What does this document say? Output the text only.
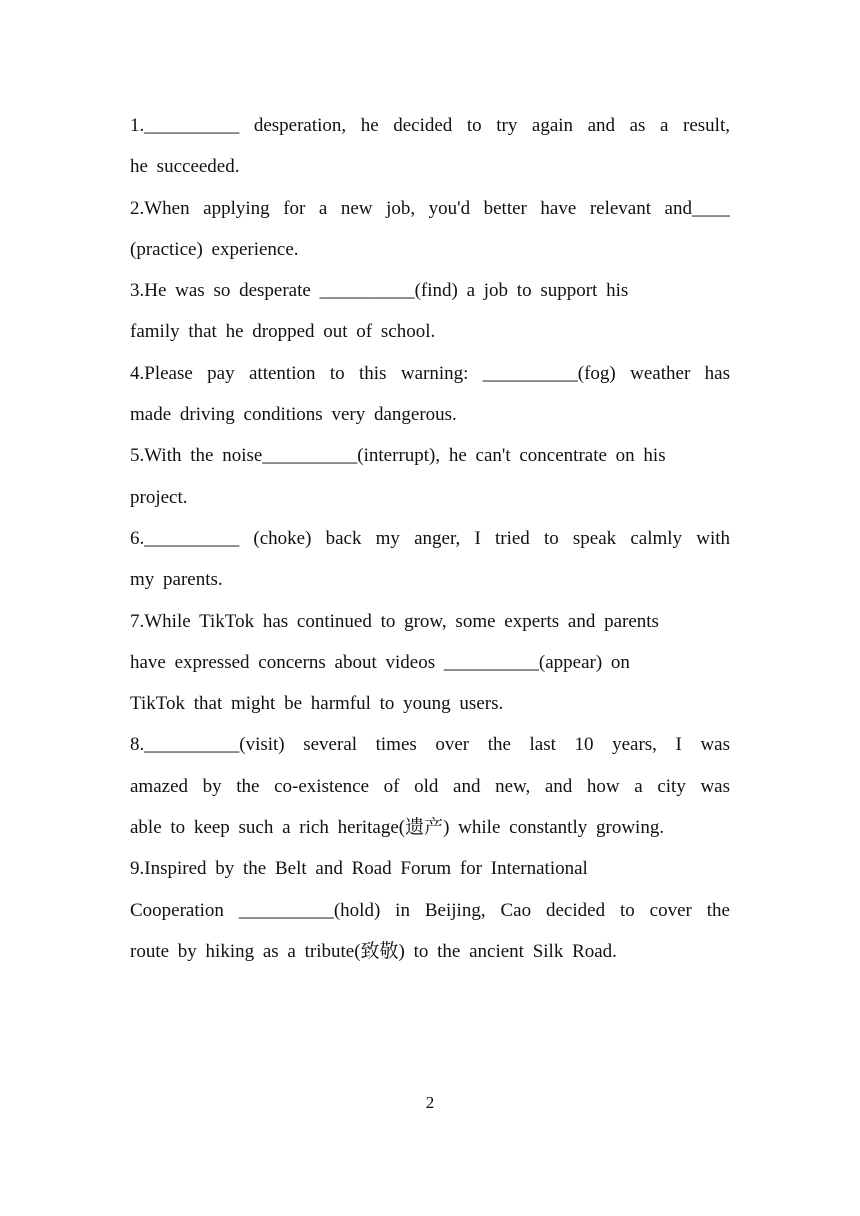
1.__________ desperation, he decided to try again and as a result,
he succeeded.
2.When applying for a new job, you'd better have relevant and____
(practice) experience.
3.He was so desperate __________(find) a job to support his
family that he dropped out of school.
4.Please pay attention to this warning: __________(fog) weather has
made driving conditions very dangerous.
5.With the noise__________(interrupt), he can't concentrate on his
project.
6.__________ (choke) back my anger, I tried to speak calmly with
my parents.
7.While TikTok has continued to grow, some experts and parents
have expressed concerns about videos __________(appear) on
TikTok that might be harmful to young users.
8.__________(visit) several times over the last 10 years, I was
amazed by the co-existence of old and new, and how a city was
able to keep such a rich heritage(遗产) while constantly growing.
9.Inspired by the Belt and Road Forum for International
Cooperation __________(hold) in Beijing, Cao decided to cover the
route by hiking as a tribute(致敬) to the ancient Silk Road.
2
